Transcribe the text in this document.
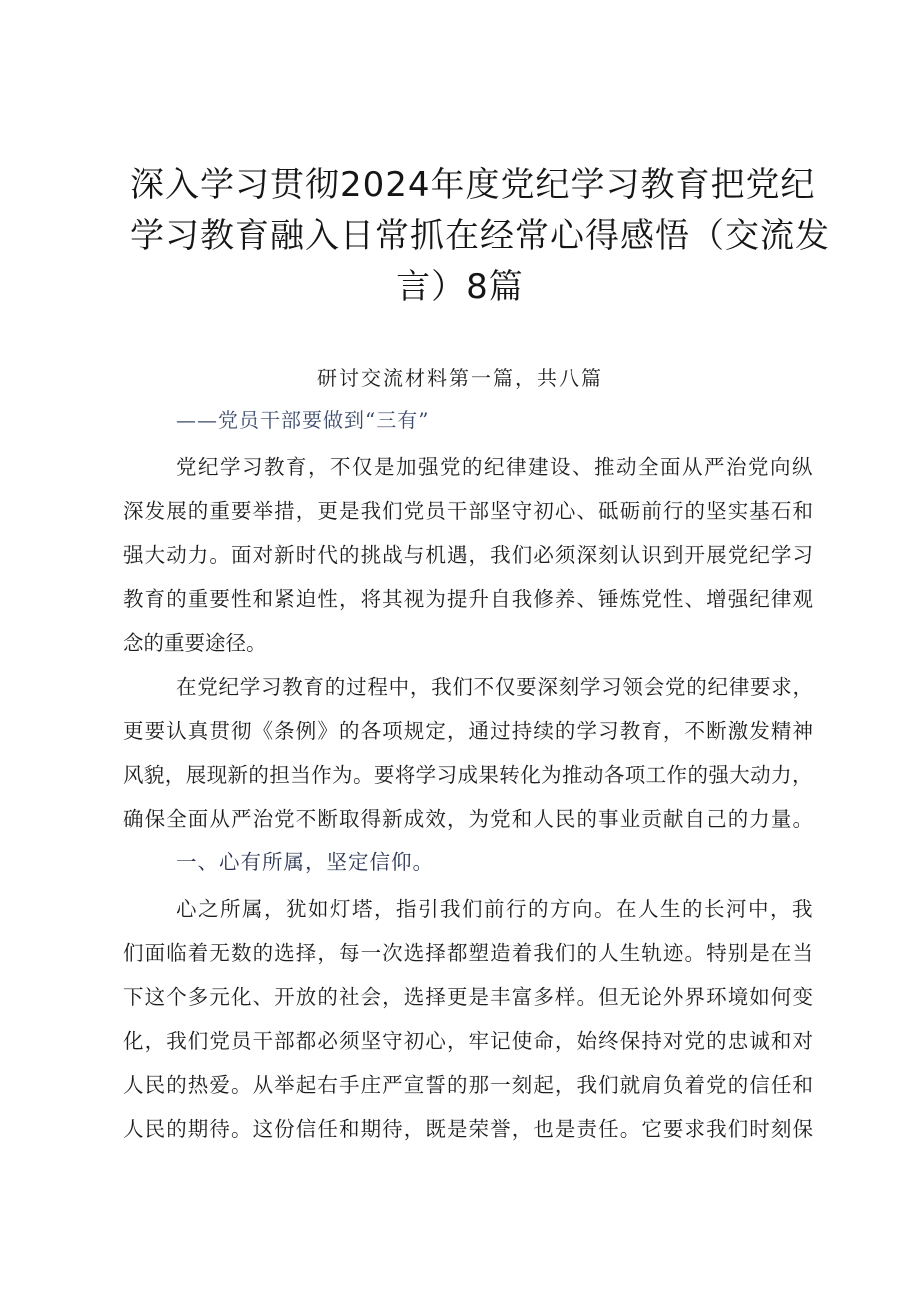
深入学习贯彻2024年度党纪学习教育把党纪
学习教育融入日常抓在经常心得感悟（交流发
言）8篇
研讨交流材料第一篇，共八篇
——党员干部要做到“三有”
党纪学习教育，不仅是加强党的纪律建设、推动全面从严治党向纵
深发展的重要举措，更是我们党员干部坚守初心、砥砺前行的坚实基石和
强大动力。面对新时代的挑战与机遇，我们必须深刻认识到开展党纪学习
教育的重要性和紧迫性，将其视为提升自我修养、锤炼党性、增强纪律观
念的重要途径。
在党纪学习教育的过程中，我们不仅要深刻学习领会党的纪律要求，
更要认真贯彻《条例》的各项规定，通过持续的学习教育，不断激发精神
风貌，展现新的担当作为。要将学习成果转化为推动各项工作的强大动力，
确保全面从严治党不断取得新成效，为党和人民的事业贡献自己的力量。
一、心有所属，坚定信仰。
心之所属，犹如灯塔，指引我们前行的方向。在人生的长河中，我
们面临着无数的选择，每一次选择都塑造着我们的人生轨迹。特别是在当
下这个多元化、开放的社会，选择更是丰富多样。但无论外界环境如何变
化，我们党员干部都必须坚守初心，牢记使命，始终保持对党的忠诚和对
人民的热爱。从举起右手庄严宣誓的那一刻起，我们就肩负着党的信任和
人民的期待。这份信任和期待，既是荣誉，也是责任。它要求我们时刻保
